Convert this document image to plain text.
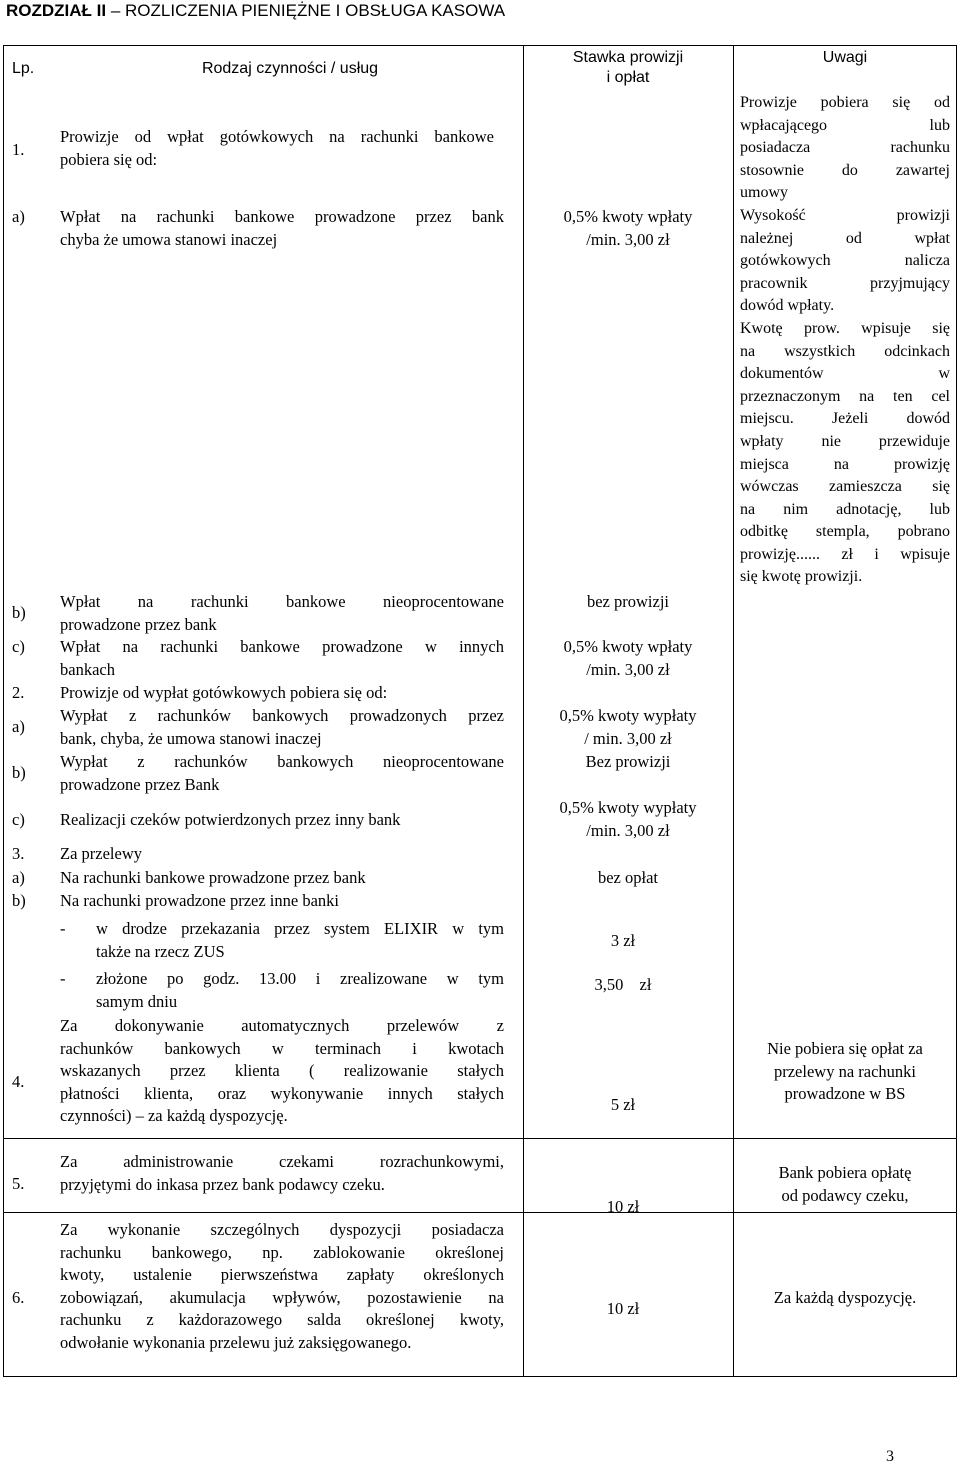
ROZDZIAŁ II – ROZLICZENIA PIENIĘŻNE I OBSŁUGA KASOWA
Lp.	Rodzaj czynności / usług
Stawka prowizji
i opłat
Uwagi
1.
Prowizje od wpłat gotówkowych na rachunki bankowe
pobiera się od:
a) Wpłat na rachunki bankowe prowadzone przez bank
chyba że umowa stanowi inaczej
0,5% kwoty wpłaty
/min. 3,00 zł
b)
Wpłat na rachunki bankowe nieoprocentowane
prowadzone przez bank
bez prowizji
c) Wpłat na rachunki bankowe prowadzone w innych
bankach
0,5% kwoty wpłaty
/min. 3,00 zł
Prowizje pobiera się od
wpłacającego lub
posiadacza rachunku
stosownie do zawartej
umowy
Wysokość prowizji
należnej od wpłat
gotówkowych nalicza
pracownik przyjmujący
dowód wpłaty.
Kwotę prow. wpisuje się
na wszystkich odcinkach
dokumentów w
przeznaczonym na ten cel
miejscu. Jeżeli dowód
wpłaty nie przewiduje
miejsca na prowizję
wówczas zamieszcza się
na nim adnotację, lub
odbitkę stempla, pobrano
prowizję...... zł i wpisuje
się kwotę prowizji.
2. Prowizje od wypłat gotówkowych pobiera się od:
a)
Wypłat z rachunków bankowych prowadzonych przez
bank, chyba, że umowa stanowi inaczej
0,5% kwoty wypłaty
/ min. 3,00 zł
b)
Wypłat z rachunków bankowych nieoprocentowane
prowadzone przez Bank
Bez prowizji
c) Realizacji czeków potwierdzonych przez inny bank
0,5% kwoty wypłaty
/min. 3,00 zł
3. Za przelewy
a) Na rachunki bankowe prowadzone przez bank	bez opłat
b) Na rachunki prowadzone przez inne banki
- w drodze przekazania przez system ELIXIR w tym
także na rzecz ZUS
3 zł
- złożone po godz. 13.00 i zrealizowane w tym
samym dniu
3,50 zł
4.
Za dokonywanie automatycznych przelewów z
rachunków bankowych w terminach i kwotach
wskazanych przez klienta ( realizowanie stałych
płatności klienta, oraz wykonywanie innych stałych
czynności) – za każdą dyspozycję.
5 zł
Nie pobiera się opłat za
przelewy na rachunki
prowadzone w BS
5.
Za administrowanie czekami rozrachunkowymi,
przyjętymi do inkasa przez bank podawcy czeku.
10 zł
Bank pobiera opłatę
od podawcy czeku,
6.
Za wykonanie szczególnych dyspozycji posiadacza
rachunku bankowego, np. zablokowanie określonej
kwoty, ustalenie pierwszeństwa zapłaty określonych
zobowiązań, akumulacja wpływów, pozostawienie na
rachunku z każdorazowego salda określonej kwoty,
odwołanie wykonania przelewu już zaksięgowanego.
10 zł
Za każdą dyspozycję.
3
